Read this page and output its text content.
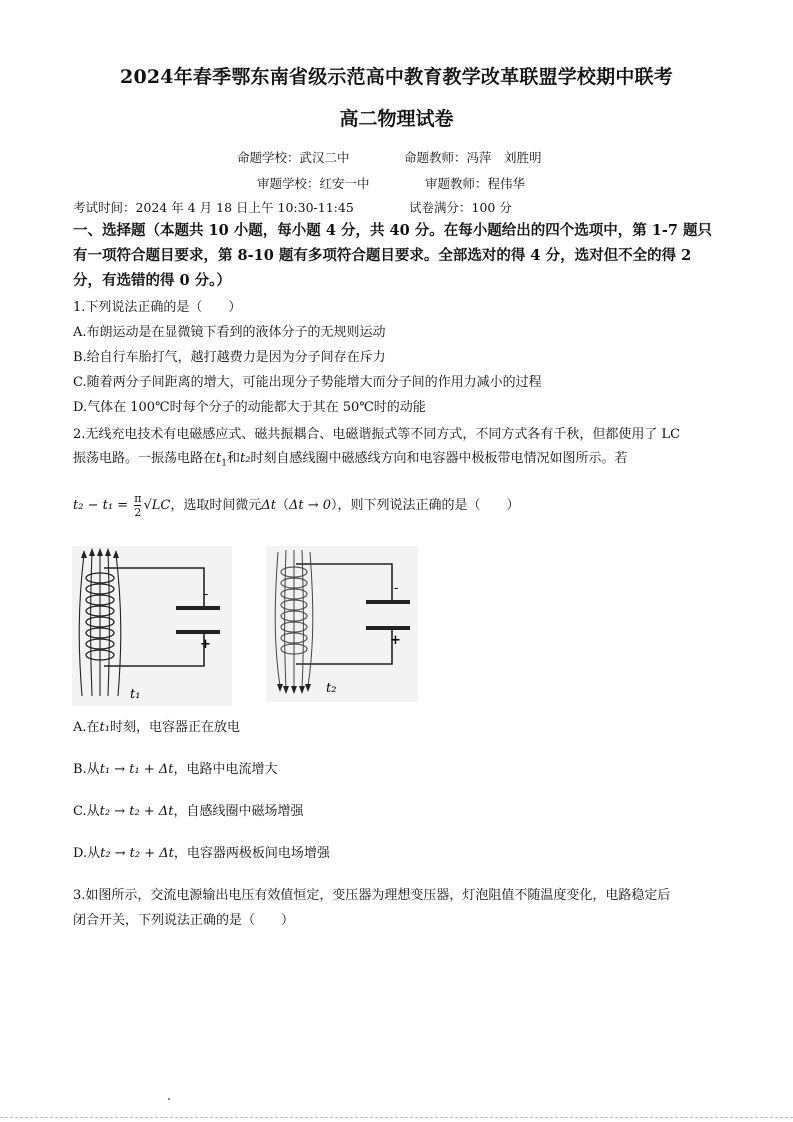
2024年春季鄂东南省级示范高中教育教学改革联盟学校期中联考
高二物理试卷
命题学校：武汉二中	命题教师：冯萍　刘胜明
审题学校：红安一中	审题教师：程伟华
考试时间：2024 年 4 月 18 日上午 10:30-11:45	试卷满分：100 分
一、选择题（本题共 10 小题，每小题 4 分，共 40 分。在每小题给出的四个选项中，第 1-7 题只有一项符合题目要求，第 8-10 题有多项符合题目要求。全部选对的得 4 分，选对但不全的得 2 分，有选错的得 0 分。）
1.下列说法正确的是（　　）
A.布朗运动是在显微镜下看到的液体分子的无规则运动
B.给自行车胎打气，越打越费力是因为分子间存在斥力
C.随着两分子间距离的增大，可能出现分子势能增大而分子间的作用力减小的过程
D.气体在 100℃时每个分子的动能都大于其在 50℃时的动能
2.无线充电技术有电磁感应式、磁共振耦合、电磁谐振式等不同方式，不同方式各有千秋，但都使用了 LC
振荡电路。一振荡电路在$t_1$和t₂时刻自感线圈中磁感线方向和电容器中极板带电情况如图所示。若
$t_2 - t_1 = \frac{\pi}{2} √LC$，选取时间微元Δt（Δt → 0），则下列说法正确的是（　　）
-
+
t₁
-
+
t₂
A.在t₁时刻，电容器正在放电
B.从t₁ → t₁ + Δt，电路中电流增大
C.从t₂ → t₂ + Δt，自感线圈中磁场增强
D.从t₂ → t₂ + Δt，电容器两极板间电场增强
3.如图所示，交流电源输出电压有效值恒定，变压器为理想变压器，灯泡阻值不随温度变化，电路稳定后
闭合开关，下列说法正确的是（　　）
